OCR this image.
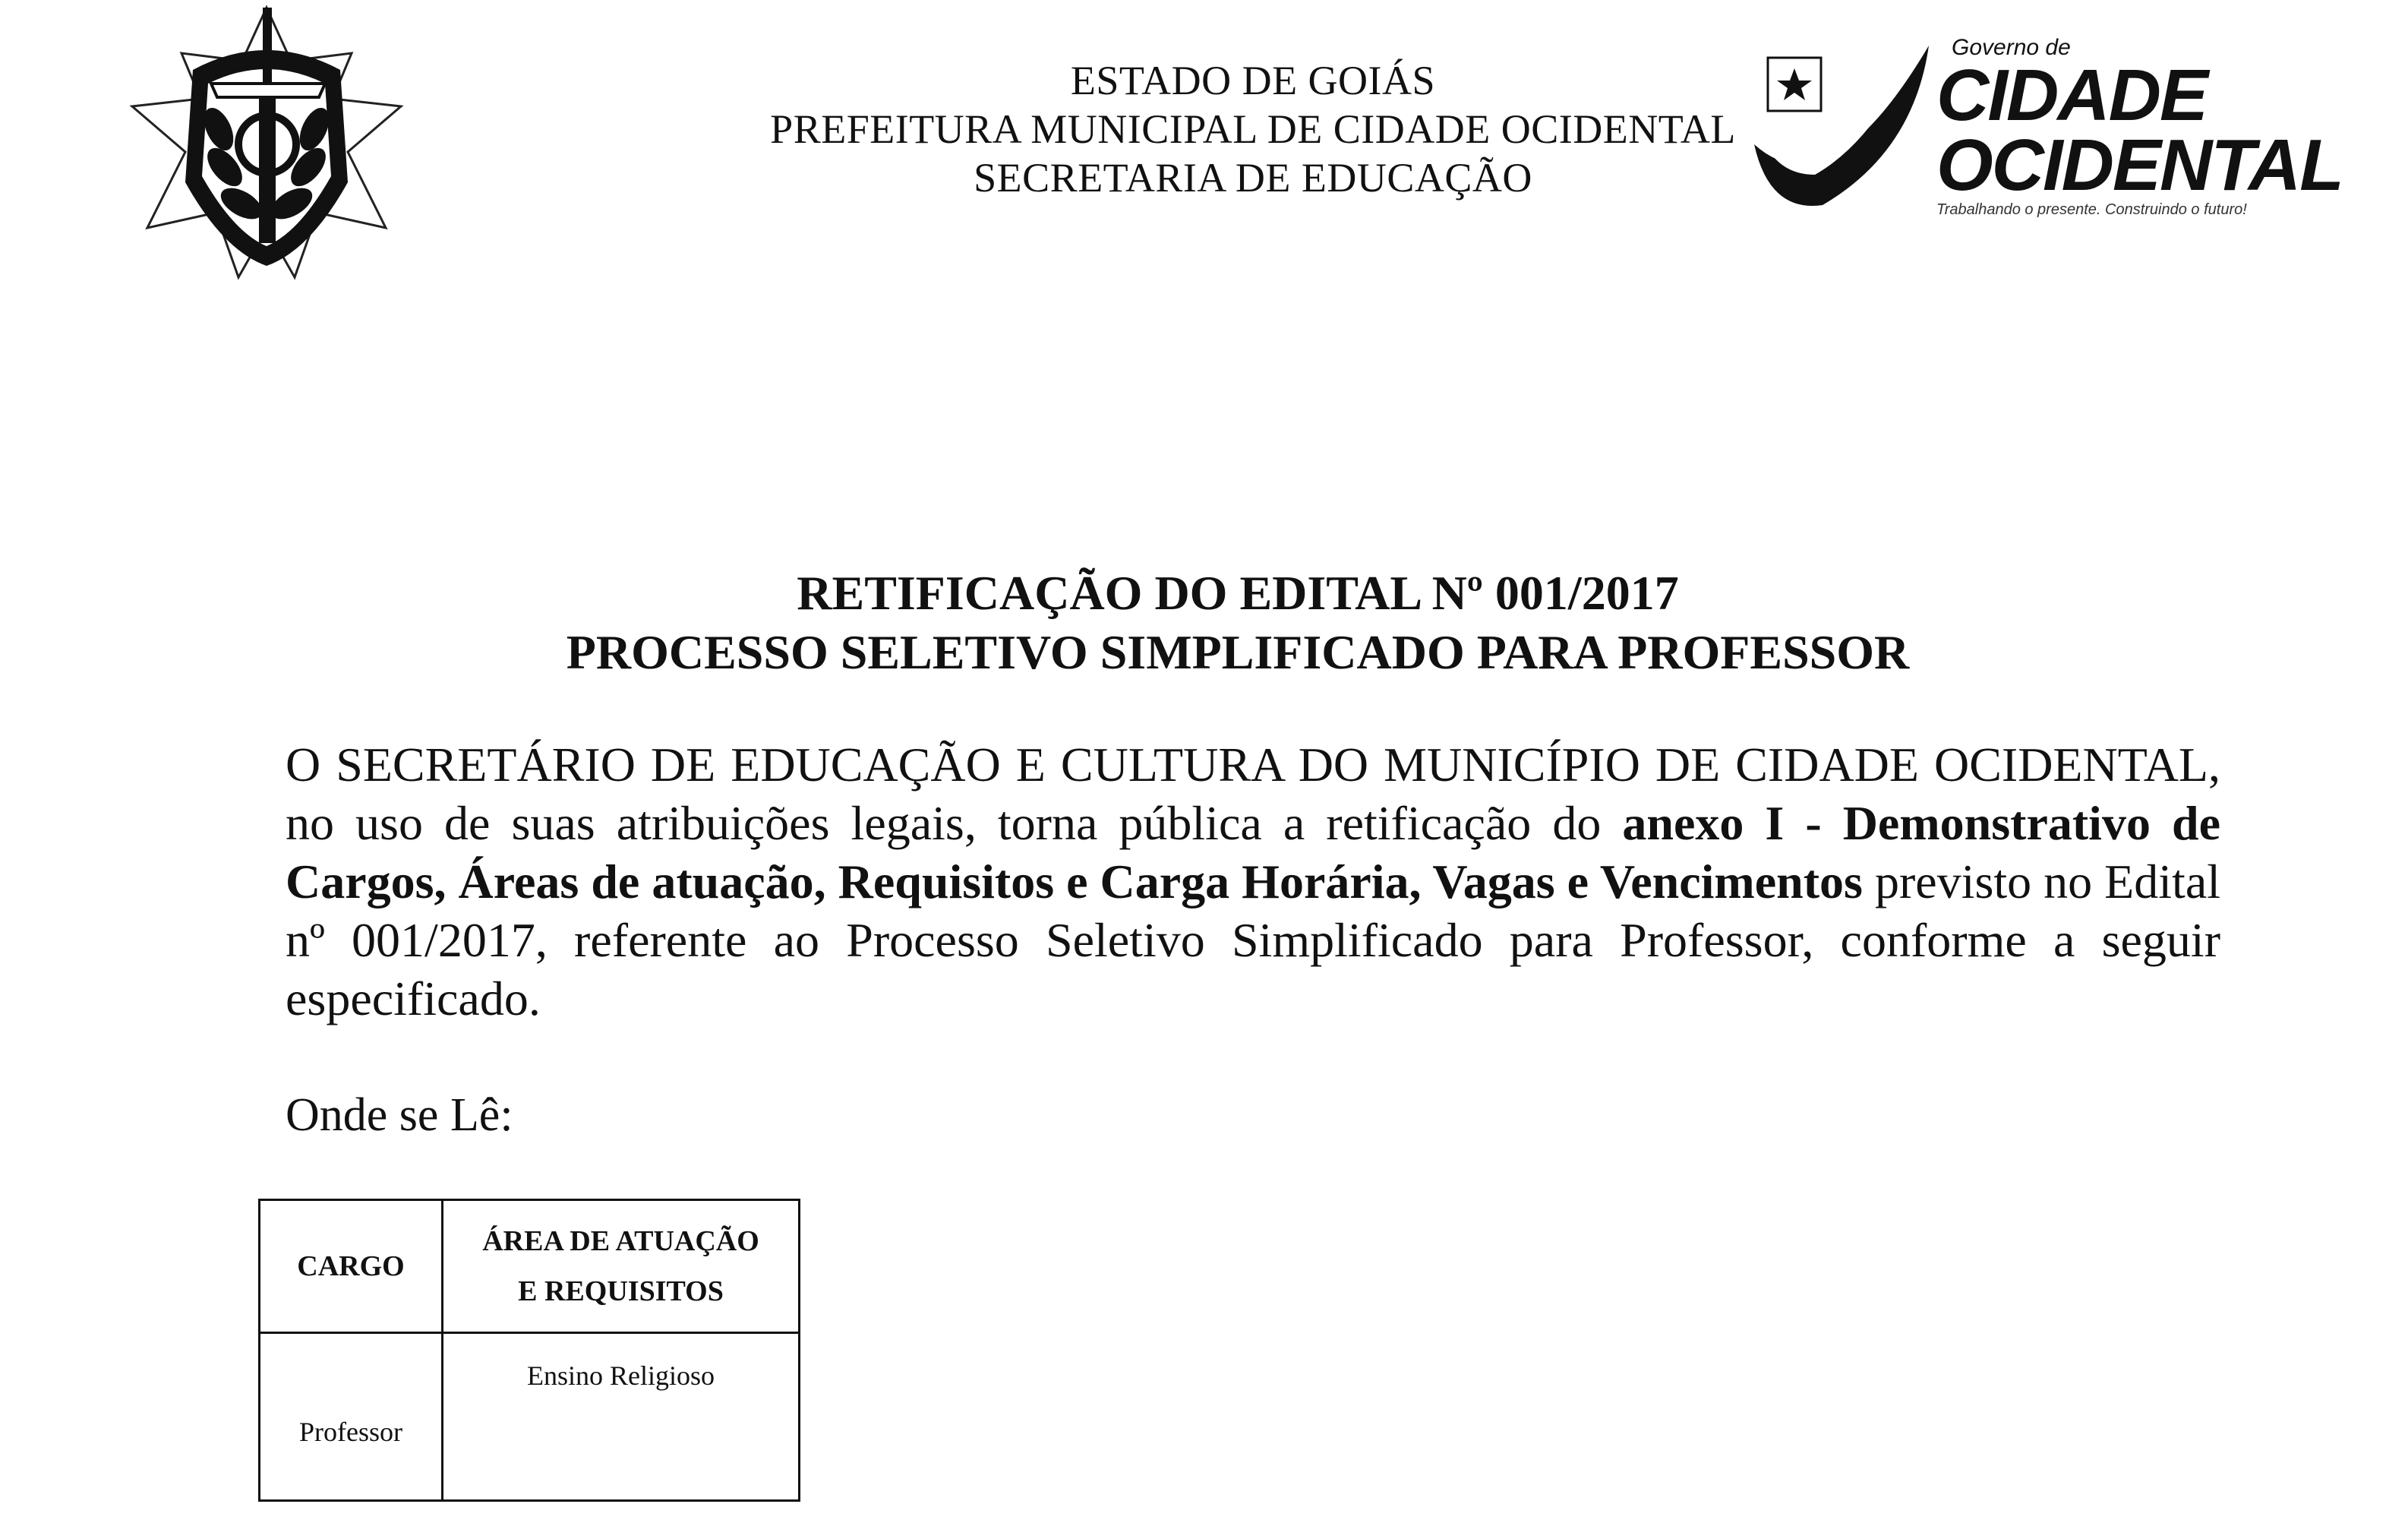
ESTADO DE GOIÁS
PREFEITURA MUNICIPAL DE CIDADE OCIDENTAL
SECRETARIA DE EDUCAÇÃO
Governo de
CIDADE
OCIDENTAL
Trabalhando o presente. Construindo o futuro!
RETIFICAÇÃO DO EDITAL Nº 001/2017
PROCESSO SELETIVO SIMPLIFICADO PARA PROFESSOR
O SECRETÁRIO DE EDUCAÇÃO E CULTURA DO MUNICÍPIO DE CIDADE OCIDENTAL, no uso de suas atribuições legais, torna pública a retificação do anexo I - Demonstrativo de Cargos, Áreas de atuação, Requisitos e Carga Horária, Vagas e Vencimentos previsto no Edital nº 001/2017, referente ao Processo Seletivo Simplificado para Professor, conforme a seguir especificado.
Onde se Lê:
CARGO	ÁREA DE ATUAÇÃO
E REQUISITOS

Professor	Ensino Religioso
